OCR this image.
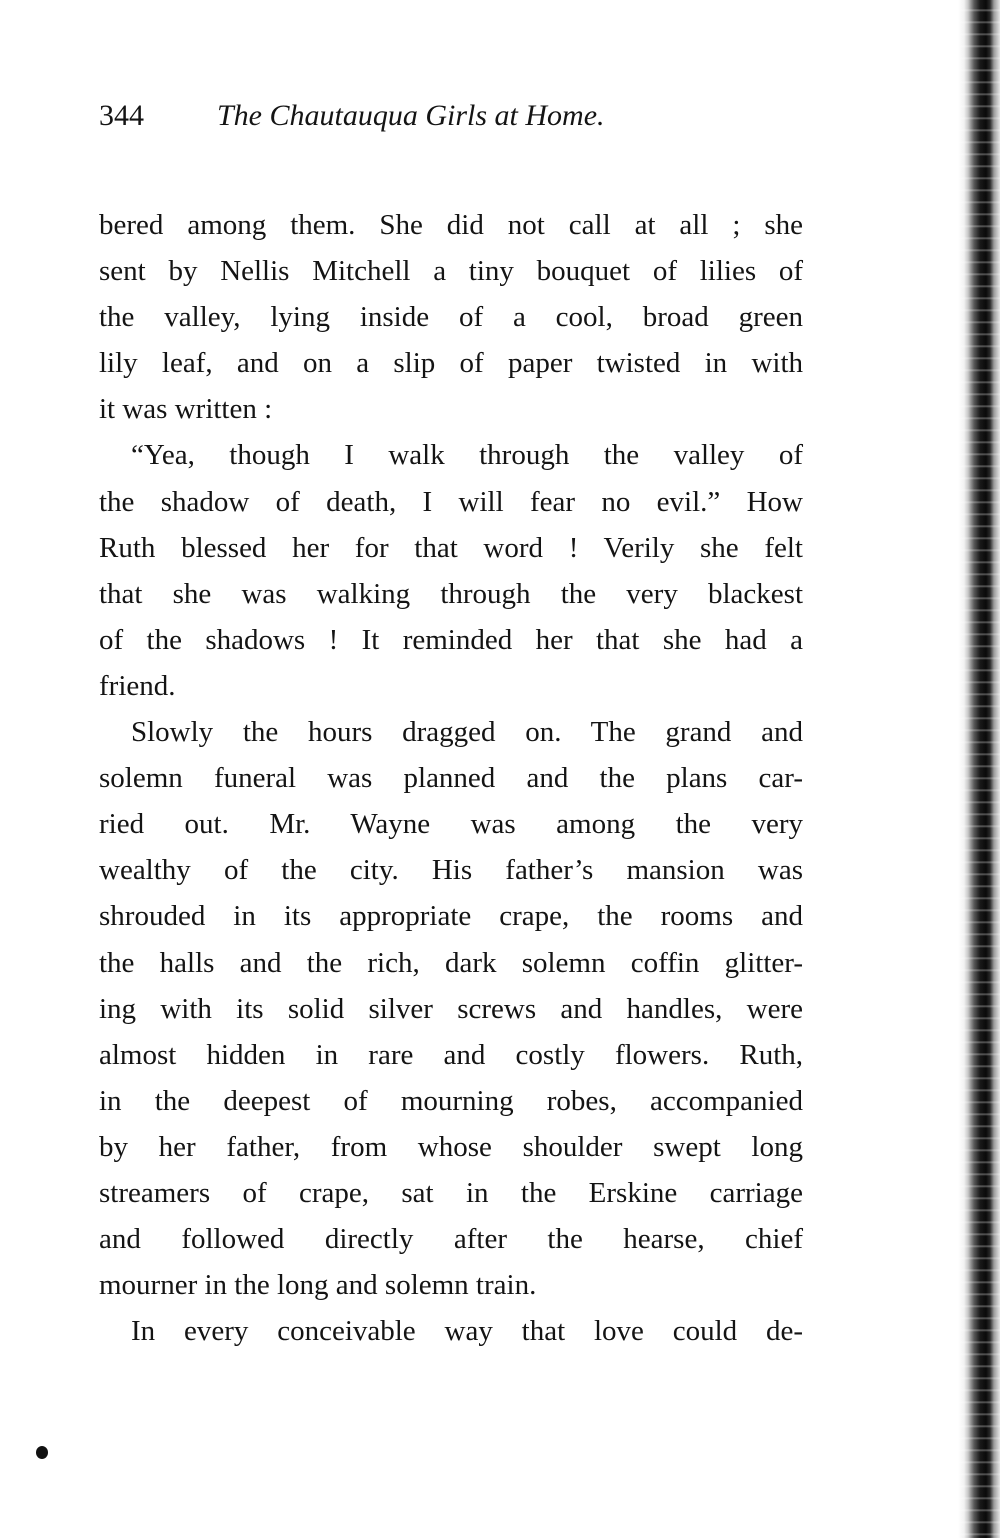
344 The Chautauqua Girls at Home.
bered among them. She did not call at all ; she
sent by Nellis Mitchell a tiny bouquet of lilies of
the valley, lying inside of a cool, broad green
lily leaf, and on a slip of paper twisted in with
it was written :
“Yea, though I walk through the valley of
the shadow of death, I will fear no evil.” How
Ruth blessed her for that word ! Verily she felt
that she was walking through the very blackest
of the shadows ! It reminded her that she had a
friend.
Slowly the hours dragged on. The grand and
solemn funeral was planned and the plans car-
ried out. Mr. Wayne was among the very
wealthy of the city. His father’s mansion was
shrouded in its appropriate crape, the rooms and
the halls and the rich, dark solemn coffin glitter-
ing with its solid silver screws and handles, were
almost hidden in rare and costly flowers. Ruth,
in the deepest of mourning robes, accompanied
by her father, from whose shoulder swept long
streamers of crape, sat in the Erskine carriage
and followed directly after the hearse, chief
mourner in the long and solemn train.
In every conceivable way that love could de-
